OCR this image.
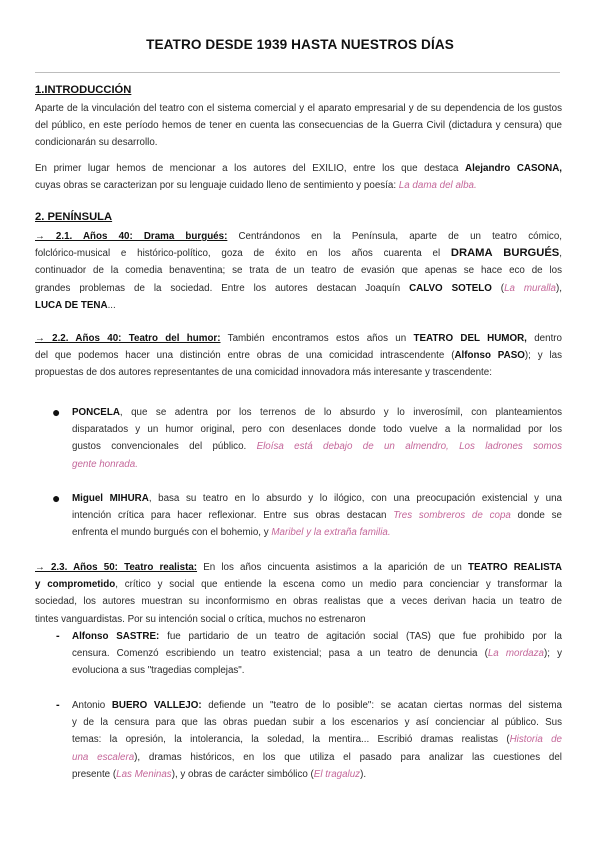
TEATRO DESDE 1939 HASTA NUESTROS DÍAS
1.INTRODUCCIÓN
Aparte de la vinculación del teatro con el sistema comercial y el aparato empresarial y de su dependencia de los gustos del público, en este período hemos de tener en cuenta las consecuencias de la Guerra Civil (dictadura y censura) que condicionarán su desarrollo.
En primer lugar hemos de mencionar a los autores del EXILIO, entre los que destaca Alejandro CASONA,
cuyas obras se caracterizan por su lenguaje cuidado lleno de sentimiento y poesía: La dama del alba.
2. PENÍNSULA
→ 2.1. Años 40: Drama burgués: Centrándonos en la Península, aparte de un teatro cómico,
folclórico-musical e histórico-político, goza de éxito en los años cuarenta el DRAMA BURGUÉS,
continuador de la comedia benaventina; se trata de un teatro de evasión que apenas se hace eco de los
grandes problemas de la sociedad. Entre los autores destacan Joaquín CALVO SOTELO (La muralla),
LUCA DE TENA...
→ 2.2. Años 40: Teatro del humor: También encontramos estos años un TEATRO DEL HUMOR, dentro
del que podemos hacer una distinción entre obras de una comicidad intrascendente (Alfonso PASO); y las
propuestas de dos autores representantes de una comicidad innovadora más interesante y trascendente:
● PONCELA, que se adentra por los terrenos de lo absurdo y lo inverosímil, con planteamientos
disparatados y un humor original, pero con desenlaces donde todo vuelve a la normalidad por los
gustos convencionales del público. Eloísa está debajo de un almendro, Los ladrones somos
gente honrada.
● Miguel MIHURA, basa su teatro en lo absurdo y lo ilógico, con una preocupación existencial y una
intención crítica para hacer reflexionar. Entre sus obras destacan Tres sombreros de copa donde se
enfrenta el mundo burgués con el bohemio, y Maribel y la extraña familia.
→ 2.3. Años 50: Teatro realista: En los años cincuenta asistimos a la aparición de un TEATRO REALISTA
y comprometido, crítico y social que entiende la escena como un medio para concienciar y transformar la
sociedad, los autores muestran su inconformismo en obras realistas que a veces derivan hacia un teatro de
tintes vanguardistas. Por su intención social o crítica, muchos no estrenaron
- Alfonso SASTRE: fue partidario de un teatro de agitación social (TAS) que fue prohibido por la
censura. Comenzó escribiendo un teatro existencial; pasa a un teatro de denuncia (La mordaza); y
evoluciona a sus "tragedias complejas".
- Antonio BUERO VALLEJO: defiende un "teatro de lo posible": se acatan ciertas normas del sistema
y de la censura para que las obras puedan subir a los escenarios y así concienciar al público. Sus
temas: la opresión, la intolerancia, la soledad, la mentira... Escribió dramas realistas (Historia de
una escalera), dramas históricos, en los que utiliza el pasado para analizar las cuestiones del
presente (Las Meninas), y obras de carácter simbólico (El tragaluz).
